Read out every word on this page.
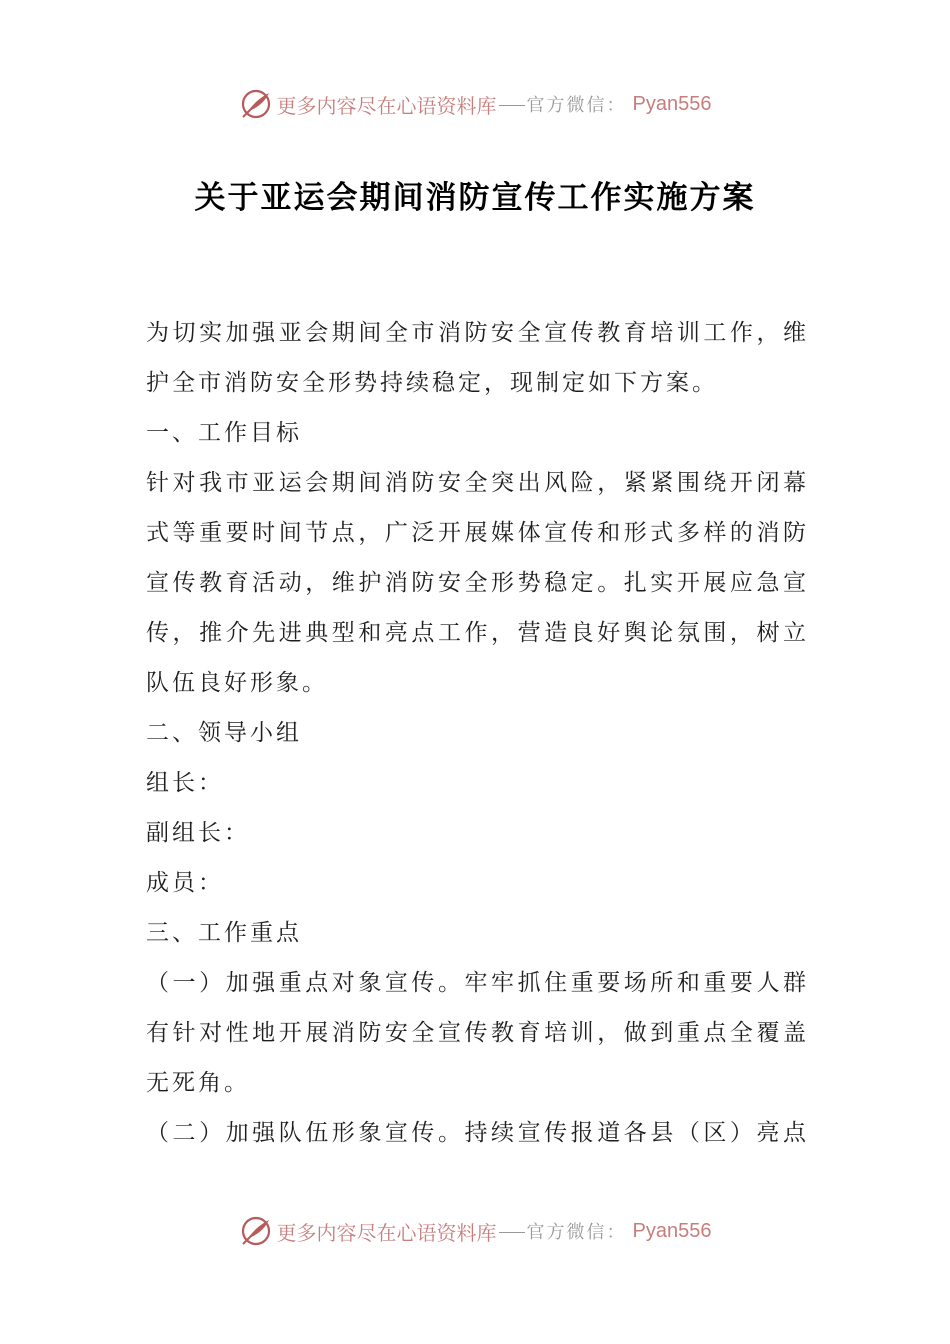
更多内容尽在心语资料库 官方微信： Pyan556
关于亚运会期间消防宣传工作实施方案
为切实加强亚会期间全市消防安全宣传教育培训工作，维
护全市消防安全形势持续稳定，现制定如下方案。
一、工作目标
针对我市亚运会期间消防安全突出风险，紧紧围绕开闭幕
式等重要时间节点，广泛开展媒体宣传和形式多样的消防
宣传教育活动，维护消防安全形势稳定。扎实开展应急宣
传，推介先进典型和亮点工作，营造良好舆论氛围，树立
队伍良好形象。
二、领导小组
组长：
副组长：
成员：
三、工作重点
（一）加强重点对象宣传。牢牢抓住重要场所和重要人群
有针对性地开展消防安全宣传教育培训，做到重点全覆盖
无死角。
（二）加强队伍形象宣传。持续宣传报道各县（区）亮点
更多内容尽在心语资料库 官方微信： Pyan556
